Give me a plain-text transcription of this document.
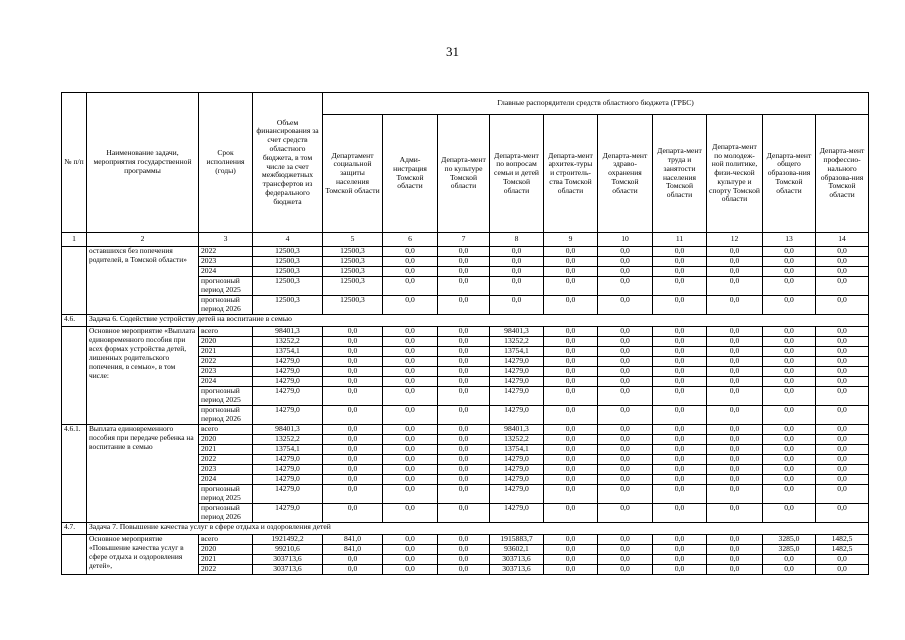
31
№ п/п	Наименование задачи, мероприятия государственной программы	Срок исполнения (годы)	Объем финансирования за счет средств областного бюджета, в том числе за счет межбюджетных трансфертов из федерального бюджета	Главные распорядители средств областного бюджета (ГРБС)									
				Департамент социальной защиты населения Томской области	Адми-нистрация Томской области	Департа-мент по культуре Томской области	Департа-мент по вопросам семьи и детей Томской области	Департа-мент архитек-туры и строитель-ства Томской области	Департа-мент здраво-охранения Томской области	Департа-мент труда и занятости населения Томской области	Департа-мент по молодеж-ной политике, физи-ческой культуре и спорту Томской области	Департа-мент общего образова-ния Томской области	Департа-мент профессио-нального образова-ния Томской области
1	2	3	4	5	6	7	8	9	10	11	12	13	14
	оставшихся без попечения родителей, в Томской области»	2022	12500,3	12500,3	0,0	0,0	0,0	0,0	0,0	0,0	0,0	0,0	0,0
		2023	12500,3	12500,3	0,0	0,0	0,0	0,0	0,0	0,0	0,0	0,0	0,0
		2024	12500,3	12500,3	0,0	0,0	0,0	0,0	0,0	0,0	0,0	0,0	0,0
		прогнозный период 2025	12500,3	12500,3	0,0	0,0	0,0	0,0	0,0	0,0	0,0	0,0	0,0
		прогнозный период 2026	12500,3	12500,3	0,0	0,0	0,0	0,0	0,0	0,0	0,0	0,0	0,0
4.6.	Задача 6. Содействие устройству детей на воспитание в семью												
	Основное мероприятие «Выплата единовременного пособия при всех формах устройства детей, лишенных родительского попечения, в семью», в том числе:	всего	98401,3	0,0	0,0	0,0	98401,3	0,0	0,0	0,0	0,0	0,0	0,0
		2020	13252,2	0,0	0,0	0,0	13252,2	0,0	0,0	0,0	0,0	0,0	0,0
		2021	13754,1	0,0	0,0	0,0	13754,1	0,0	0,0	0,0	0,0	0,0	0,0
		2022	14279,0	0,0	0,0	0,0	14279,0	0,0	0,0	0,0	0,0	0,0	0,0
		2023	14279,0	0,0	0,0	0,0	14279,0	0,0	0,0	0,0	0,0	0,0	0,0
		2024	14279,0	0,0	0,0	0,0	14279,0	0,0	0,0	0,0	0,0	0,0	0,0
		прогнозный период 2025	14279,0	0,0	0,0	0,0	14279,0	0,0	0,0	0,0	0,0	0,0	0,0
		прогнозный период 2026	14279,0	0,0	0,0	0,0	14279,0	0,0	0,0	0,0	0,0	0,0	0,0
4.6.1.	Выплата единовременного пособия при передаче ребенка на воспитание в семью	всего	98401,3	0,0	0,0	0,0	98401,3	0,0	0,0	0,0	0,0	0,0	0,0
		2020	13252,2	0,0	0,0	0,0	13252,2	0,0	0,0	0,0	0,0	0,0	0,0
		2021	13754,1	0,0	0,0	0,0	13754,1	0,0	0,0	0,0	0,0	0,0	0,0
		2022	14279,0	0,0	0,0	0,0	14279,0	0,0	0,0	0,0	0,0	0,0	0,0
		2023	14279,0	0,0	0,0	0,0	14279,0	0,0	0,0	0,0	0,0	0,0	0,0
		2024	14279,0	0,0	0,0	0,0	14279,0	0,0	0,0	0,0	0,0	0,0	0,0
		прогнозный период 2025	14279,0	0,0	0,0	0,0	14279,0	0,0	0,0	0,0	0,0	0,0	0,0
		прогнозный период 2026	14279,0	0,0	0,0	0,0	14279,0	0,0	0,0	0,0	0,0	0,0	0,0
4.7.	Задача 7. Повышение качества услуг в сфере отдыха и оздоровления детей												
	Основное мероприятие «Повышение качества услуг в сфере отдыха и оздоровления детей»,	всего	1921492,2	841,0	0,0	0,0	1915883,7	0,0	0,0	0,0	0,0	3285,0	1482,5
		2020	99210,6	841,0	0,0	0,0	93602,1	0,0	0,0	0,0	0,0	3285,0	1482,5
		2021	303713,6	0,0	0,0	0,0	303713,6	0,0	0,0	0,0	0,0	0,0	0,0
		2022	303713,6	0,0	0,0	0,0	303713,6	0,0	0,0	0,0	0,0	0,0	0,0
